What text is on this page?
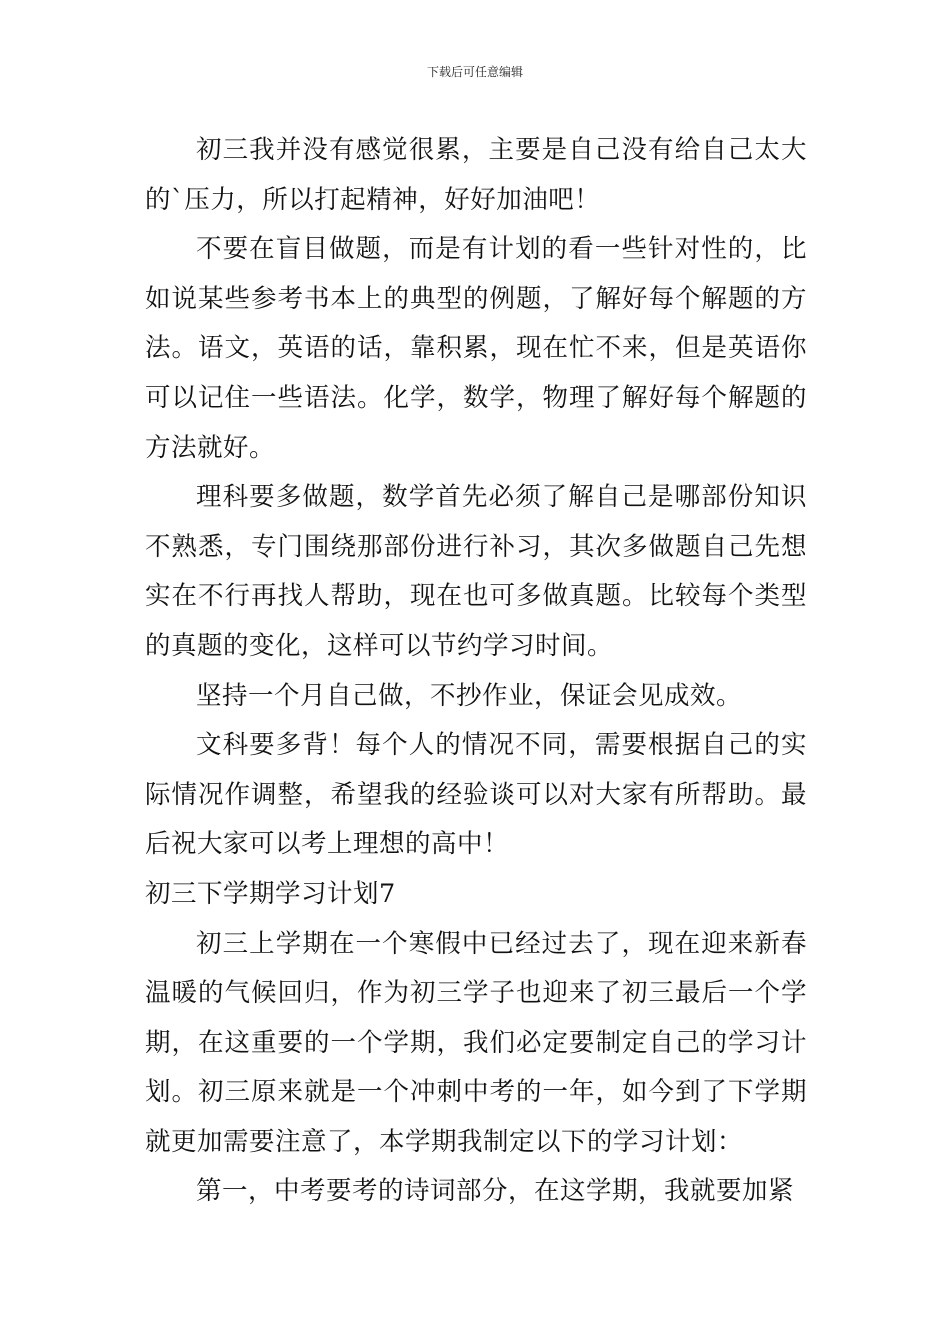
下载后可任意编辑

初三我并没有感觉很累，主要是自己没有给自己太大的`压力，所以打起精神，好好加油吧！

不要在盲目做题，而是有计划的看一些针对性的，比如说某些参考书本上的典型的例题，了解好每个解题的方法。语文，英语的话，靠积累，现在忙不来，但是英语你可以记住一些语法。化学，数学，物理了解好每个解题的方法就好。

理科要多做题，数学首先必须了解自己是哪部份知识不熟悉，专门围绕那部份进行补习，其次多做题自己先想实在不行再找人帮助，现在也可多做真题。比较每个类型的真题的变化，这样可以节约学习时间。

坚持一个月自己做，不抄作业，保证会见成效。

文科要多背！每个人的情况不同，需要根据自己的实际情况作调整，希望我的经验谈可以对大家有所帮助。最后祝大家可以考上理想的高中！

初三下学期学习计划7

初三上学期在一个寒假中已经过去了，现在迎来新春温暖的气候回归，作为初三学子也迎来了初三最后一个学期，在这重要的一个学期，我们必定要制定自己的学习计划。初三原来就是一个冲刺中考的一年，如今到了下学期就更加需要注意了，本学期我制定以下的学习计划：

第一，中考要考的诗词部分，在这学期，我就要加紧
